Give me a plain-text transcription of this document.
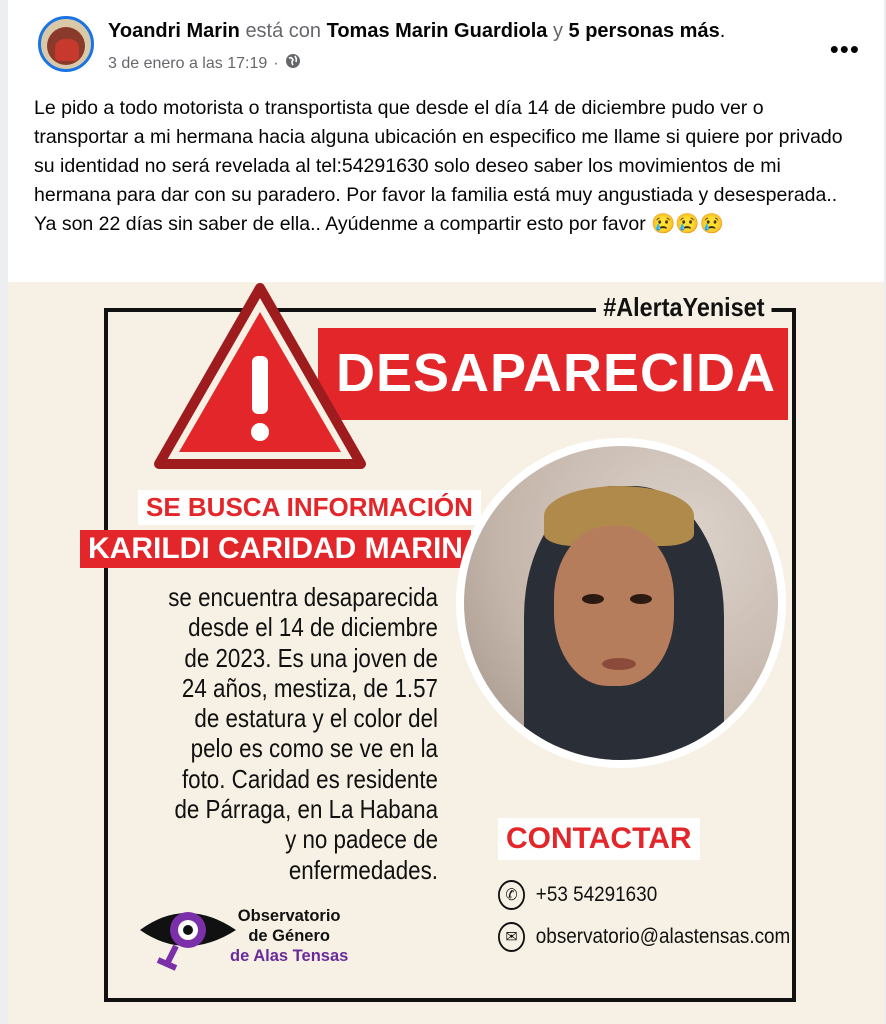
Yoandri Marin está con Tomas Marin Guardiola y 5 personas más.
3 de enero a las 17:19 ·	•••
Le pido a todo motorista o transportista que desde el día 14 de diciembre pudo ver o transportar a mi hermana hacia alguna ubicación en especifico me llame si quiere por privado su identidad no será revelada al tel:54291630 solo deseo saber los movimientos de mi hermana para dar con su paradero. Por favor la familia está muy angustiada y desesperada.. Ya son 22 días sin saber de ella.. Ayúdenme a compartir esto por favor 😢😢😢
#AlertaYeniset
DESAPARECIDA
SE BUSCA INFORMACIÓN
KARILDI CARIDAD MARIN
se encuentra desaparecida desde el 14 de diciembre de 2023. Es una joven de 24 años, mestiza, de 1.57 de estatura y el color del pelo es como se ve en la foto. Caridad es residente de Párraga, en La Habana y no padece de enfermedades.
CONTACTAR
✆ +53 54291630
✉ observatorio@alastensas.com
Observatorio
de Género
de Alas Tensas
